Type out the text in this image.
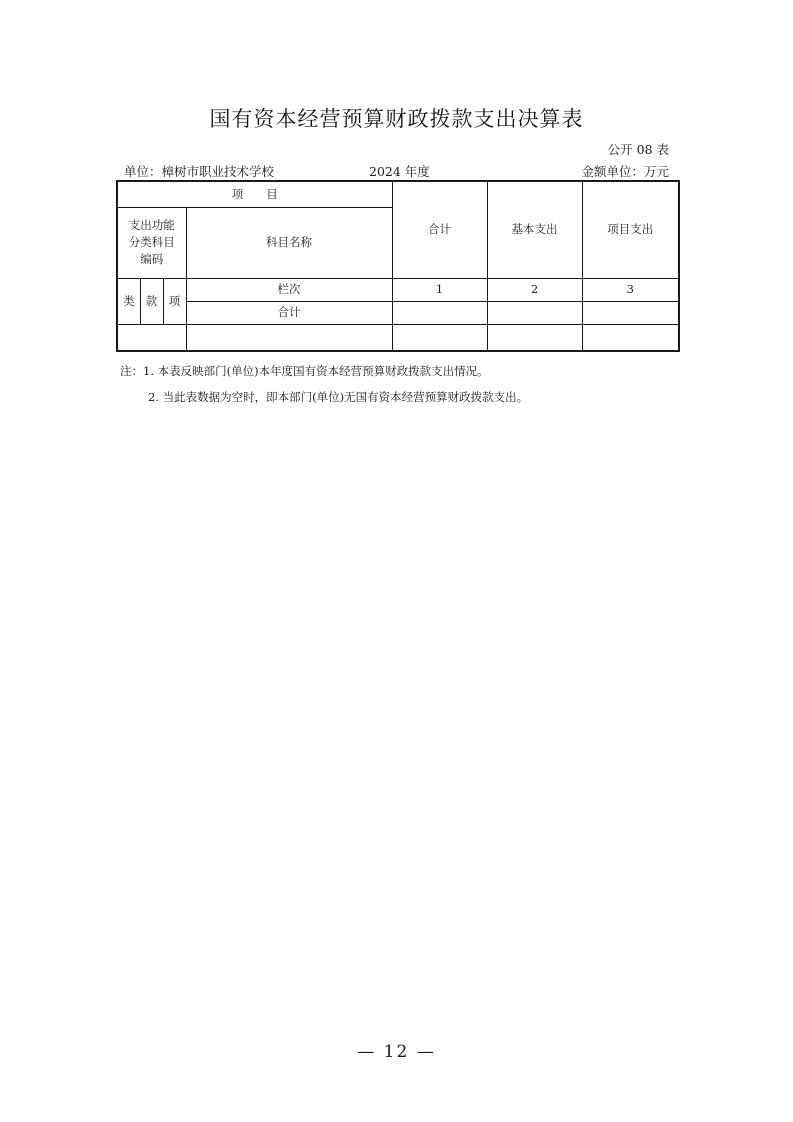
国有资本经营预算财政拨款支出决算表
公开 08 表
单位：樟树市职业技术学校	2024 年度	金额单位：万元
项　　目				合计	基本支出	项目支出

支出功能
分类科目
编码			科目名称			
类	款	项	栏次	1	2	3
			合计			

注：1. 本表反映部门(单位)本年度国有资本经营预算财政拨款支出情况。
2. 当此表数据为空时，即本部门(单位)无国有资本经营预算财政拨款支出。
— 12 —
